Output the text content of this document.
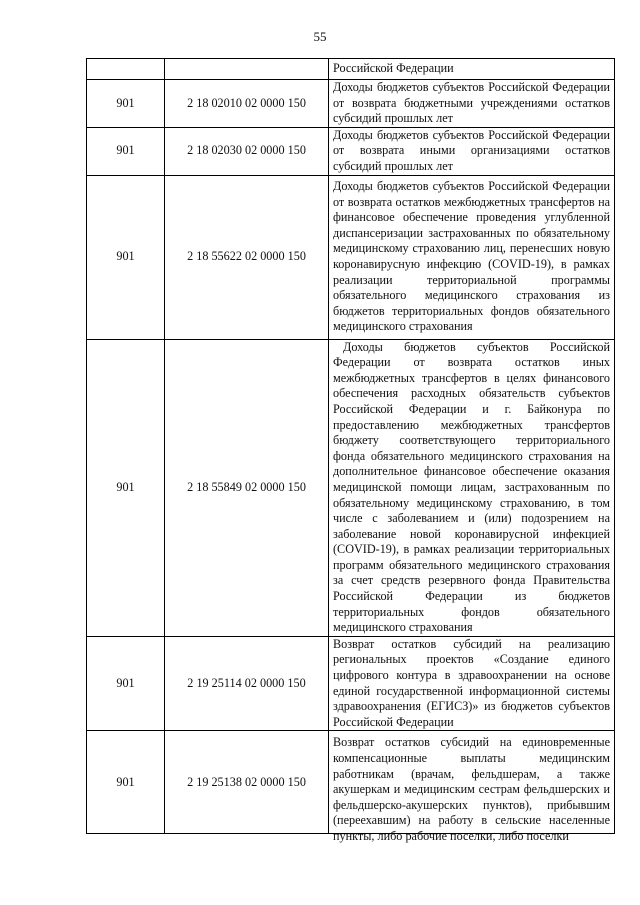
55
		Российской Федерации
901	2 18 02010 02 0000 150	Доходы бюджетов субъектов Российской Федерации от возврата бюджетными учреждениями остатков субсидий прошлых лет
901	2 18 02030 02 0000 150	Доходы бюджетов субъектов Российской Федерации от возврата иными организациями остатков субсидий прошлых лет
901	2 18 55622 02 0000 150	Доходы бюджетов субъектов Российской Федерации от возврата остатков межбюджетных трансфертов на финансовое обеспечение проведения углубленной диспансеризации застрахованных по обязательному медицинскому страхованию лиц, перенесших новую коронавирусную инфекцию (COVID-19), в рамках реализации территориальной программы обязательного медицинского страхования из бюджетов территориальных фондов обязательного медицинского страхования
901	2 18 55849 02 0000 150	Доходы бюджетов субъектов Российской Федерации от возврата остатков иных межбюджетных трансфертов в целях финансового обеспечения расходных обязательств субъектов Российской Федерации и г. Байконура по предоставлению межбюджетных трансфертов бюджету соответствующего территориального фонда обязательного медицинского страхования на дополнительное финансовое обеспечение оказания медицинской помощи лицам, застрахованным по обязательному медицинскому страхованию, в том числе с заболеванием и (или) подозрением на заболевание новой коронавирусной инфекцией (COVID-19), в рамках реализации территориальных программ обязательного медицинского страхования за счет средств резервного фонда Правительства Российской Федерации из бюджетов территориальных фондов обязательного медицинского страхования
901	2 19 25114 02 0000 150	Возврат остатков субсидий на реализацию региональных проектов «Создание единого цифрового контура в здравоохранении на основе единой государственной информационной системы здравоохранения (ЕГИСЗ)» из бюджетов субъектов Российской Федерации
901	2 19 25138 02 0000 150	Возврат остатков субсидий на единовременные компенсационные выплаты медицинским работникам (врачам, фельдшерам, а также акушеркам и медицинским сестрам фельдшерских и фельдшерско-акушерских пунктов), прибывшим (переехавшим) на работу в сельские населенные пункты, либо рабочие поселки, либо поселки
